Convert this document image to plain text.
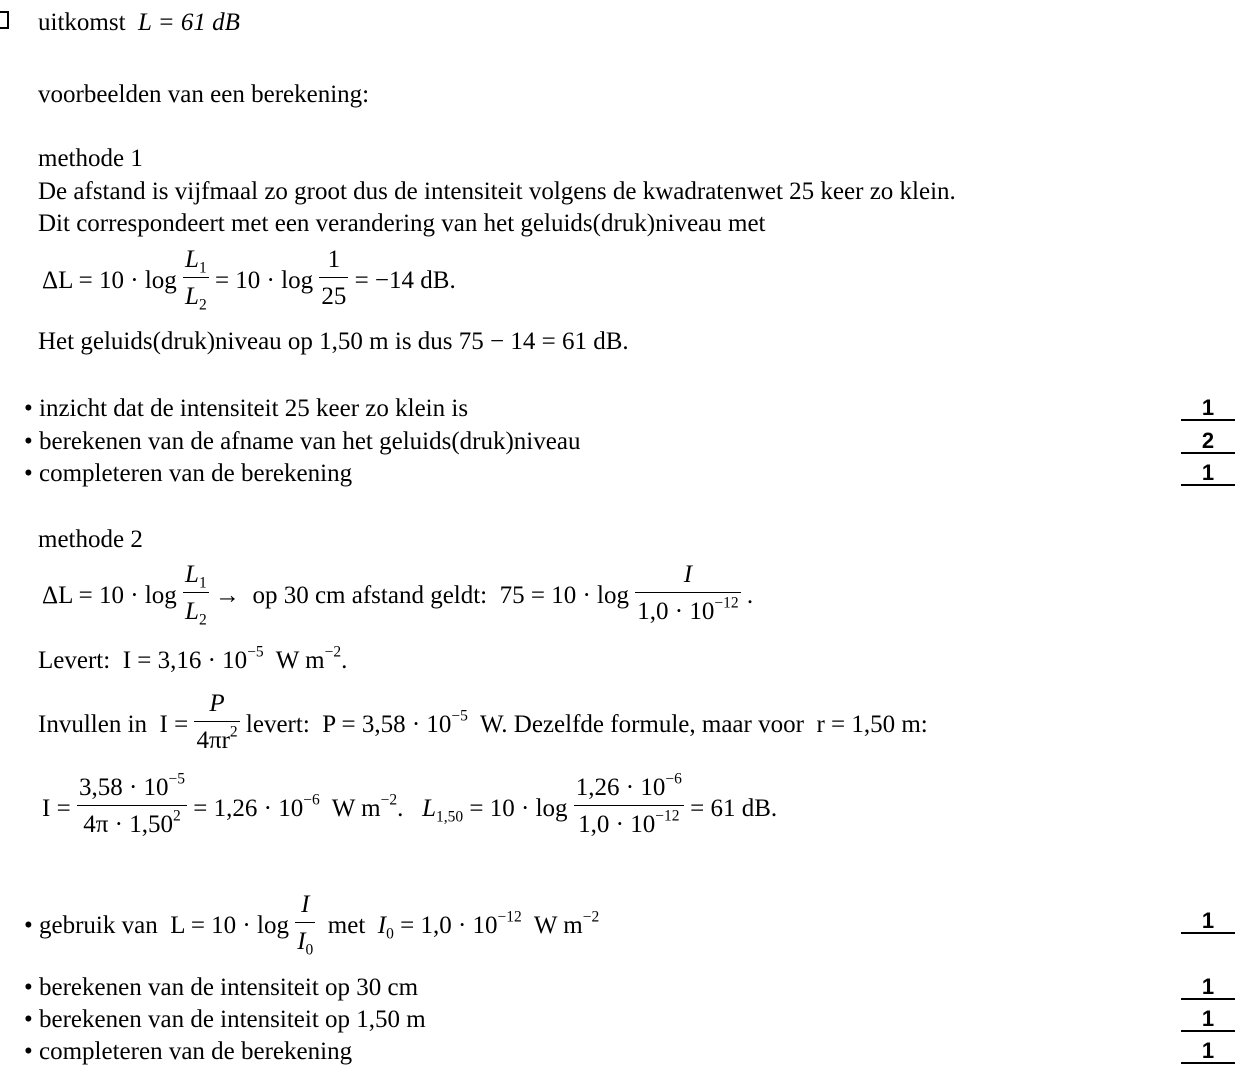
uitkomst L = 61 dB
voorbeelden van een berekening:
methode 1
De afstand is vijfmaal zo groot dus de intensiteit volgens de kwadratenwet 25 keer zo klein.
Dit correspondeert met een verandering van het geluids(druk)niveau met
$\Delta L = 10 \cdot \log \frac{L_1}{L_2} = 10 \cdot \log \frac{1}{25} = -14$ dB.
Het geluids(druk)niveau op 1,50 m is dus 75 − 14 = 61 dB.
• inzicht dat de intensiteit 25 keer zo klein is	1
• berekenen van de afname van het geluids(druk)niveau	2
• completeren van de berekening	1
methode 2
$\Delta L = 10 \cdot \log \frac{L_1}{L_2}$ → op 30 cm afstand geldt: $75 = 10 \cdot \log \frac{I}{1,0 \cdot 10^{-12}}$ .
Levert: $I = 3,16 \cdot 10^{-5}$ W $m^{-2}$.
Invullen in $I = \frac{P}{4\pi r^2}$ levert: $P = 3,58 \cdot 10^{-5}$ W. Dezelfde formule, maar voor r = 1,50 m:
$I = \frac{3,58 \cdot 10^{-5}}{4\pi \cdot 1,50^2} = 1,26 \cdot 10^{-6}$ W $m^{-2}$. $L_{1,50} = 10 \cdot \log \frac{1,26 \cdot 10^{-6}}{1,0 \cdot 10^{-12}} = 61$ dB.
• gebruik van $L = 10 \cdot \log \frac{I}{I_0}$ met $I_0 = 1,0 \cdot 10^{-12}$ W $m^{-2}$	1
• berekenen van de intensiteit op 30 cm	1
• berekenen van de intensiteit op 1,50 m	1
• completeren van de berekening	1
